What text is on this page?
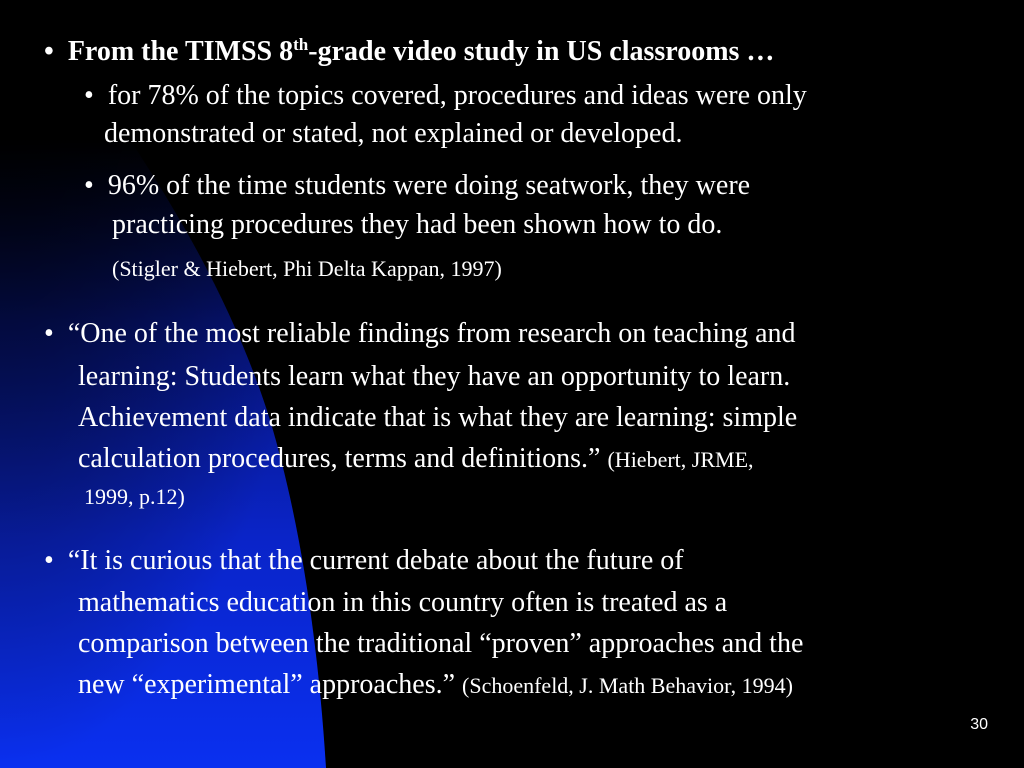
• From the TIMSS 8th-grade video study in US classrooms …
• for 78% of the topics covered, procedures and ideas were only
demonstrated or stated, not explained or developed.
• 96% of the time students were doing seatwork, they were
practicing procedures they had been shown how to do.
(Stigler & Hiebert, Phi Delta Kappan, 1997)
• “One of the most reliable findings from research on teaching and
learning: Students learn what they have an opportunity to learn.
Achievement data indicate that is what they are learning: simple
calculation procedures, terms and definitions.” (Hiebert, JRME,
1999, p.12)
• “It is curious that the current debate about the future of
mathematics education in this country often is treated as a
comparison between the traditional “proven” approaches and the
new “experimental” approaches.” (Schoenfeld, J. Math Behavior, 1994)
30
